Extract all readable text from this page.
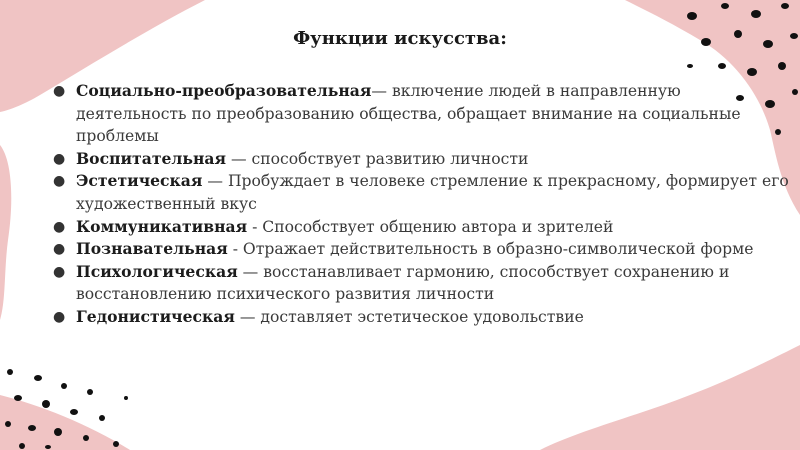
Функции искусства:
● Социально-преобразовательная— включение людей в направленную деятельность по преобразованию общества, обращает внимание на социальные проблемы
● Воспитательная — способствует развитию личности
● Эстетическая — Пробуждает в человеке стремление к прекрасному, формирует его художественный вкус
● Коммуникативная - Способствует общению автора и зрителей
● Познавательная - Отражает действительность в образно-символической форме
● Психологическая — восстанавливает гармонию, способствует сохранению и восстановлению психического развития личности
● Гедонистическая — доставляет эстетическое удовольствие
